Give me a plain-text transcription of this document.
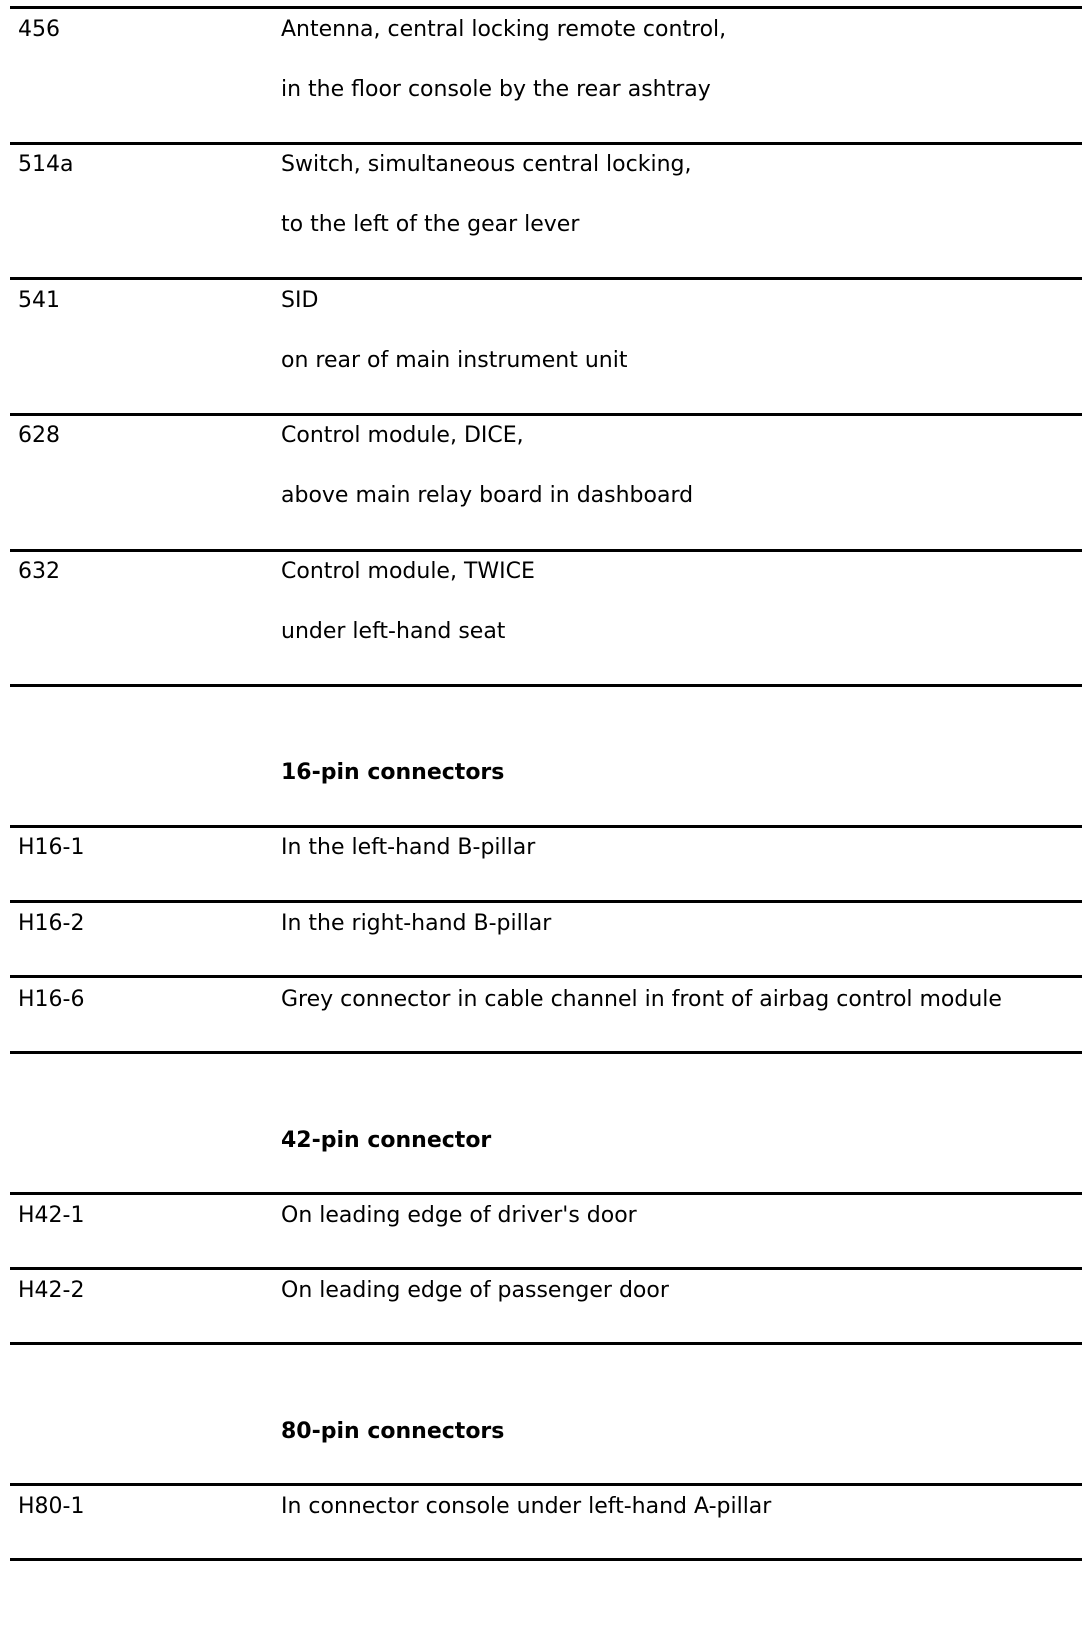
456	Antenna, central locking remote control,
in the floor console by the rear ashtray
514a	Switch, simultaneous central locking,
to the left of the gear lever
541	SID
on rear of main instrument unit
628	Control module, DICE,
above main relay board in dashboard
632	Control module, TWICE
under left-hand seat
16-pin connectors
H16-1	In the left-hand B-pillar
H16-2	In the right-hand B-pillar
H16-6	Grey connector in cable channel in front of airbag control module
42-pin connector
H42-1	On leading edge of driver's door
H42-2	On leading edge of passenger door
80-pin connectors
H80-1	In connector console under left-hand A-pillar
